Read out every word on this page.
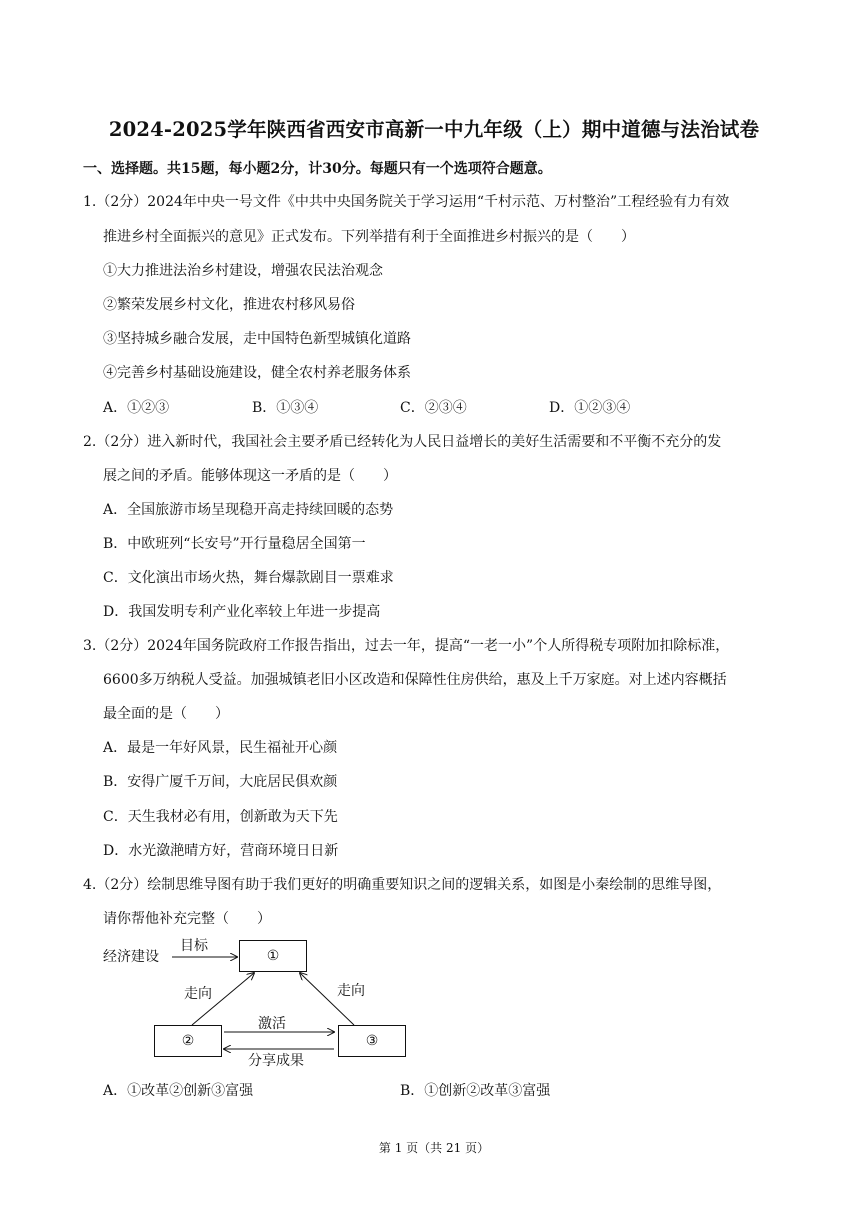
2024-2025学年陕西省西安市高新一中九年级（上）期中道德与法治试卷
一、选择题。共15题，每小题2分，计30分。每题只有一个选项符合题意。
1.（2分）2024年中央一号文件《中共中央国务院关于学习运用“千村示范、万村整治”工程经验有力有效
推进乡村全面振兴的意见》正式发布。下列举措有利于全面推进乡村振兴的是（　　）
①大力推进法治乡村建设，增强农民法治观念
②繁荣发展乡村文化，推进农村移风易俗
③坚持城乡融合发展，走中国特色新型城镇化道路
④完善乡村基础设施建设，健全农村养老服务体系
A．①②③	B．①③④	C．②③④	D．①②③④
2.（2分）进入新时代，我国社会主要矛盾已经转化为人民日益增长的美好生活需要和不平衡不充分的发
展之间的矛盾。能够体现这一矛盾的是（　　）
A．全国旅游市场呈现稳开高走持续回暖的态势
B．中欧班列“长安号”开行量稳居全国第一
C．文化演出市场火热，舞台爆款剧目一票难求
D．我国发明专利产业化率较上年进一步提高
3.（2分）2024年国务院政府工作报告指出，过去一年，提高“一老一小”个人所得税专项附加扣除标准，
6600多万纳税人受益。加强城镇老旧小区改造和保障性住房供给，惠及上千万家庭。对上述内容概括
最全面的是（　　）
A．最是一年好风景，民生福祉开心颜
B．安得广厦千万间，大庇居民俱欢颜
C．天生我材必有用，创新敢为天下先
D．水光潋滟晴方好，营商环境日日新
4.（2分）绘制思维导图有助于我们更好的明确重要知识之间的逻辑关系，如图是小秦绘制的思维导图，
请你帮他补充完整（　　）
经济建设
目标
①
走向	走向
②	③
激活
分享成果
A．①改革②创新③富强	B．①创新②改革③富强
第 1 页（共 21 页）
